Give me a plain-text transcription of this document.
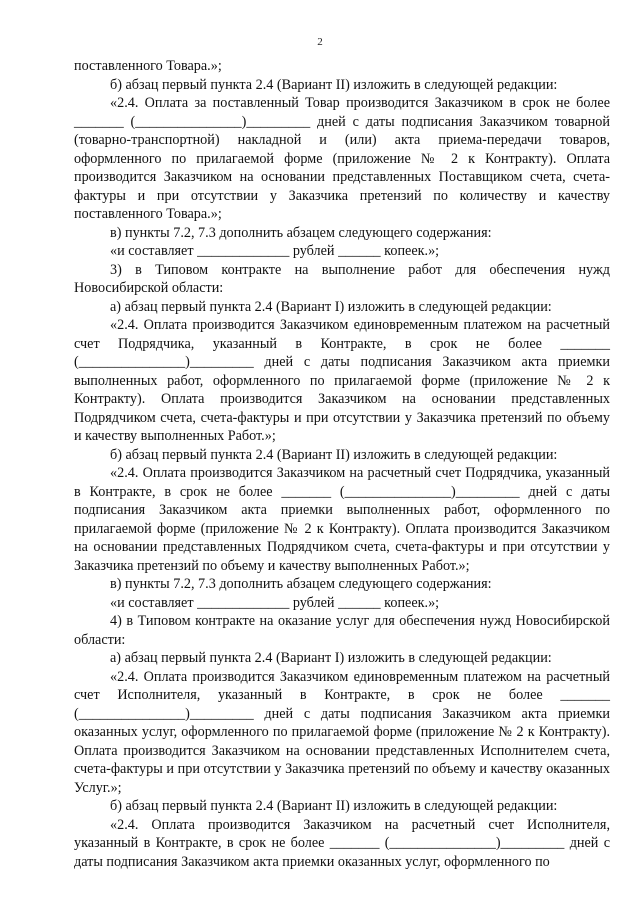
2

поставленного Товара.»;

б) абзац первый пункта 2.4 (Вариант II) изложить в следующей редакции:

«2.4. Оплата за поставленный Товар производится Заказчиком в срок не более _______ (_______________)_________ дней с даты подписания Заказчиком товарной (товарно-транспортной) накладной и (или) акта приема-передачи товаров, оформленного по прилагаемой форме (приложение № 2 к Контракту). Оплата производится Заказчиком на основании представленных Поставщиком счета, счета-фактуры и при отсутствии у Заказчика претензий по количеству и качеству поставленного Товара.»;

в) пункты 7.2, 7.3 дополнить абзацем следующего содержания:

«и составляет _____________ рублей ______ копеек.»;

3) в Типовом контракте на выполнение работ для обеспечения нужд Новосибирской области:

а) абзац первый пункта 2.4 (Вариант I) изложить в следующей редакции:

«2.4. Оплата производится Заказчиком единовременным платежом на расчетный счет Подрядчика, указанный в Контракте, в срок не более _______ (_______________)_________ дней с даты подписания Заказчиком акта приемки выполненных работ, оформленного по прилагаемой форме (приложение № 2 к Контракту). Оплата производится Заказчиком на основании представленных Подрядчиком счета, счета-фактуры и при отсутствии у Заказчика претензий по объему и качеству выполненных Работ.»;

б) абзац первый пункта 2.4 (Вариант II) изложить в следующей редакции:

«2.4. Оплата производится Заказчиком на расчетный счет Подрядчика, указанный в Контракте, в срок не более _______ (_______________)_________ дней с даты подписания Заказчиком акта приемки выполненных работ, оформленного по прилагаемой форме (приложение № 2 к Контракту). Оплата производится Заказчиком на основании представленных Подрядчиком счета, счета-фактуры и при отсутствии у Заказчика претензий по объему и качеству выполненных Работ.»;

в) пункты 7.2, 7.3 дополнить абзацем следующего содержания:

«и составляет _____________ рублей ______ копеек.»;

4) в Типовом контракте на оказание услуг для обеспечения нужд Новосибирской области:

а) абзац первый пункта 2.4 (Вариант I) изложить в следующей редакции:

«2.4. Оплата производится Заказчиком единовременным платежом на расчетный счет Исполнителя, указанный в Контракте, в срок не более _______ (_______________)_________ дней с даты подписания Заказчиком акта приемки оказанных услуг, оформленного по прилагаемой форме (приложение № 2 к Контракту). Оплата производится Заказчиком на основании представленных Исполнителем счета, счета-фактуры и при отсутствии у Заказчика претензий по объему и качеству оказанных Услуг.»;

б) абзац первый пункта 2.4 (Вариант II) изложить в следующей редакции:

«2.4. Оплата производится Заказчиком на расчетный счет Исполнителя, указанный в Контракте, в срок не более _______ (_______________)_________ дней с даты подписания Заказчиком акта приемки оказанных услуг, оформленного по
